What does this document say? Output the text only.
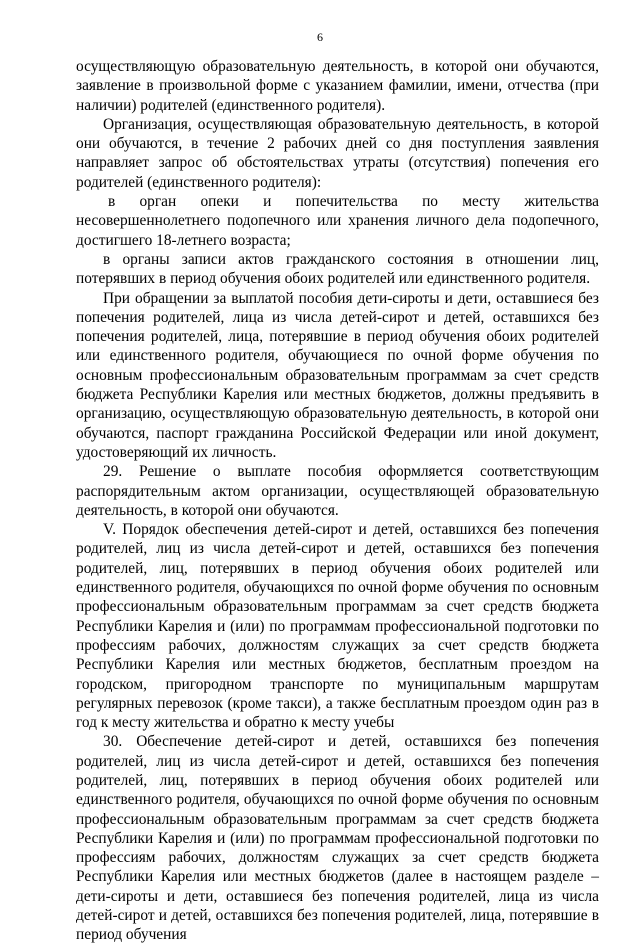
6

осуществляющую образовательную деятельность, в которой они обучаются, заявление в произвольной форме с указанием фамилии, имени, отчества (при наличии) родителей (единственного родителя).

Организация, осуществляющая образовательную деятельность, в которой они обучаются, в течение 2 рабочих дней со дня поступления заявления направляет запрос об обстоятельствах утраты (отсутствия) попечения его родителей (единственного родителя):

в орган опеки и попечительства по месту жительства несовершеннолетнего подопечного или хранения личного дела подопечного, достигшего 18-летнего возраста;

в органы записи актов гражданского состояния в отношении лиц, потерявших в период обучения обоих родителей или единственного родителя.

При обращении за выплатой пособия дети-сироты и дети, оставшиеся без попечения родителей, лица из числа детей-сирот и детей, оставшихся без попечения родителей, лица, потерявшие в период обучения обоих родителей или единственного родителя, обучающиеся по очной форме обучения по основным профессиональным образовательным программам за счет средств бюджета Республики Карелия или местных бюджетов, должны предъявить в организацию, осуществляющую образовательную деятельность, в которой они обучаются, паспорт гражданина Российской Федерации или иной документ, удостоверяющий их личность.

29. Решение о выплате пособия оформляется соответствующим распорядительным актом организации, осуществляющей образовательную деятельность, в которой они обучаются.

V. Порядок обеспечения детей-сирот и детей, оставшихся без попечения родителей, лиц из числа детей-сирот и детей, оставшихся без попечения родителей, лиц, потерявших в период обучения обоих родителей или единственного родителя, обучающихся по очной форме обучения по основным профессиональным образовательным программам за счет средств бюджета Республики Карелия и (или) по программам профессиональной подготовки по профессиям рабочих, должностям служащих за счет средств бюджета Республики Карелия или местных бюджетов, бесплатным проездом на городском, пригородном транспорте по муниципальным маршрутам регулярных перевозок (кроме такси), а также бесплатным проездом один раз в год к месту жительства и обратно к месту учебы

30. Обеспечение детей-сирот и детей, оставшихся без попечения родителей, лиц из числа детей-сирот и детей, оставшихся без попечения родителей, лиц, потерявших в период обучения обоих родителей или единственного родителя, обучающихся по очной форме обучения по основным профессиональным образовательным программам за счет средств бюджета Республики Карелия и (или) по программам профессиональной подготовки по профессиям рабочих, должностям служащих за счет средств бюджета Республики Карелия или местных бюджетов (далее в настоящем разделе – дети-сироты и дети, оставшиеся без попечения родителей, лица из числа детей-сирот и детей, оставшихся без попечения родителей, лица, потерявшие в период обучения
